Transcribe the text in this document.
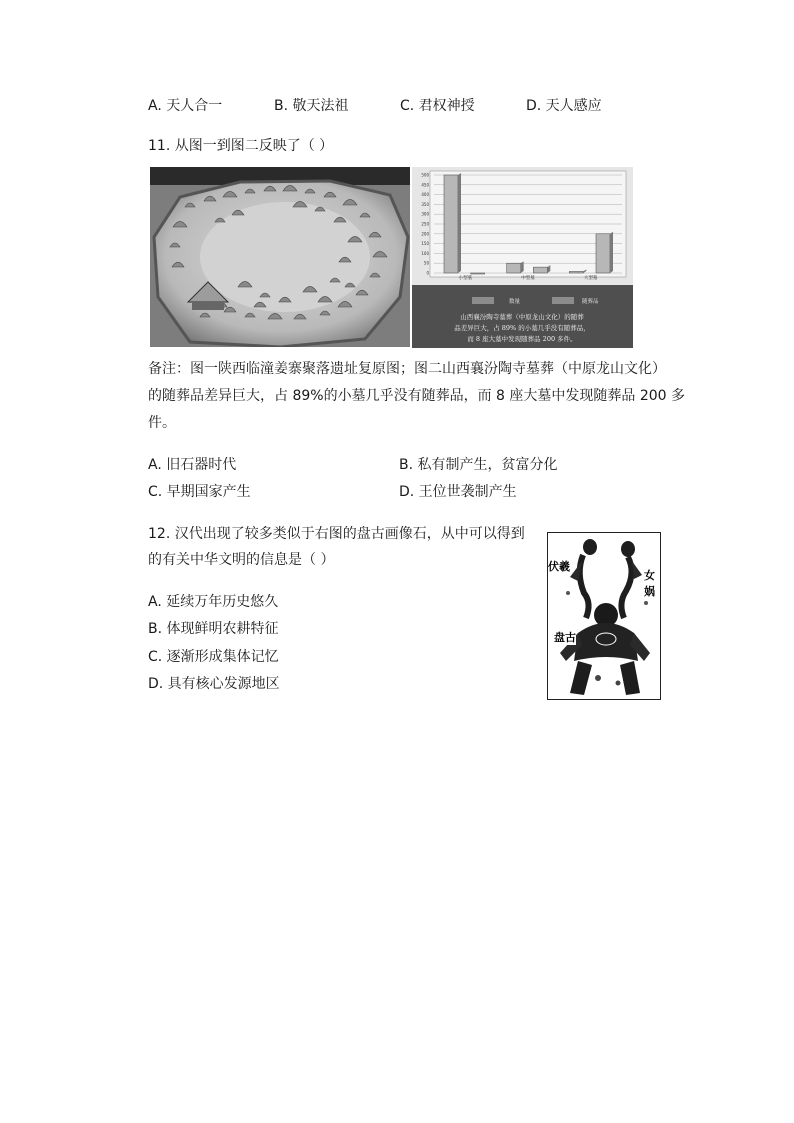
A. 天人合一	B. 敬天法祖	C. 君权神授	D. 天人感应
11. 从图一到图二反映了（ ）
500
450
400
350
300
250
200
150
100
50
0
小型墓	中型墓	大型墓
数量	随葬品
山西襄汾陶寺墓葬（中原龙山文化）的随葬
品差异巨大，占 89% 的小墓几乎没有随葬品，
而 8 座大墓中发现随葬品 200 多件。
备注：图一陕西临潼姜寨聚落遗址复原图；图二山西襄汾陶寺墓葬（中原龙山文化）
的随葬品差异巨大，占 89%的小墓几乎没有随葬品，而 8 座大墓中发现随葬品 200 多
件。
A. 旧石器时代	B. 私有制产生，贫富分化
C. 早期国家产生	D. 王位世袭制产生
12. 汉代出现了较多类似于右图的盘古画像石，从中可以得到
的有关中华文明的信息是（ ）
A. 延续万年历史悠久
B. 体现鲜明农耕特征
C. 逐渐形成集体记忆
D. 具有核心发源地区
伏羲
女娲
盘古
